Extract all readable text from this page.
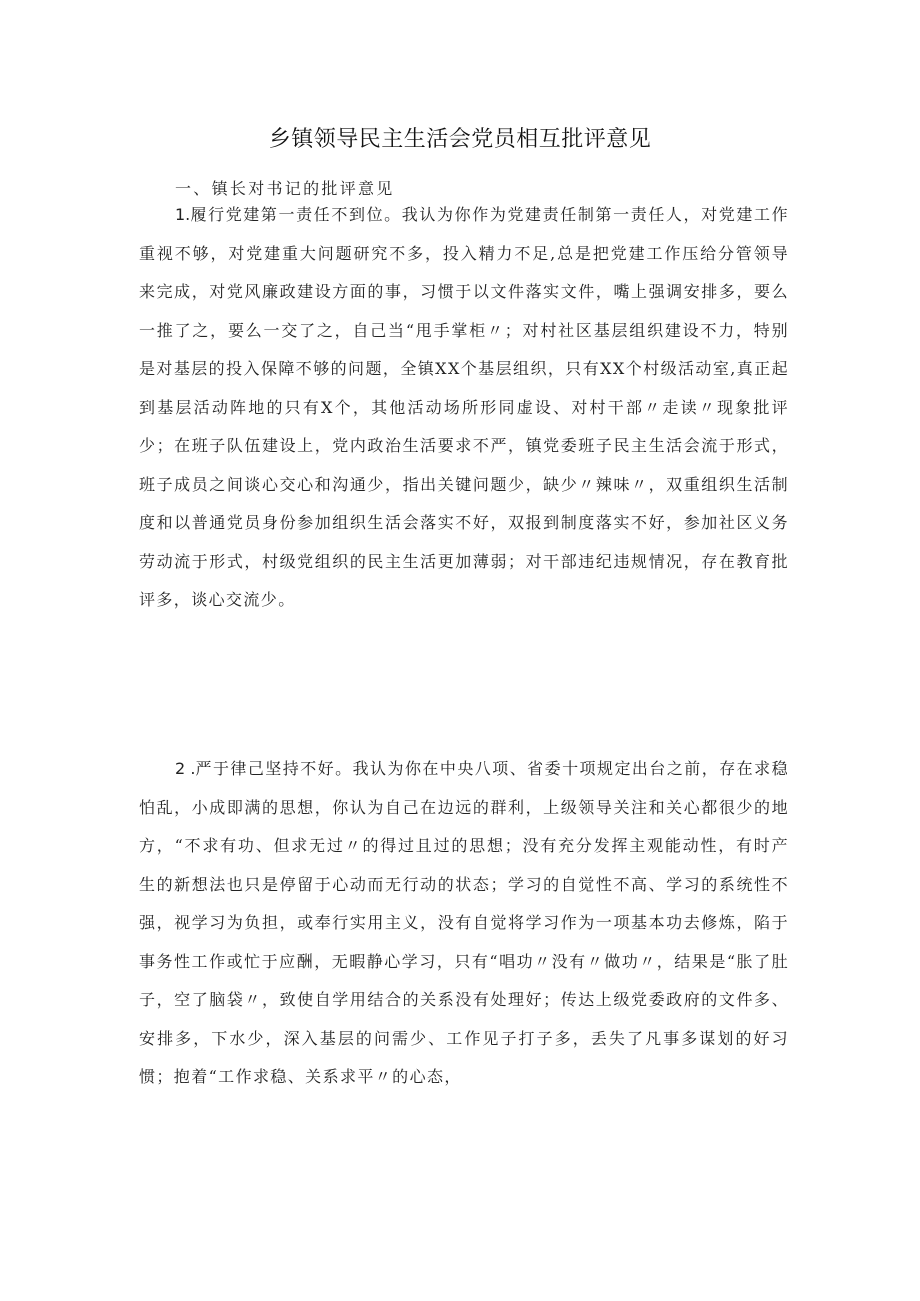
乡镇领导民主生活会党员相互批评意见
一、镇长对书记的批评意见

1.履行党建第一责任不到位。我认为你作为党建责任制第一责任人，对党建工作重视不够，对党建重大问题研究不多，投入精力不足,总是把党建工作压给分管领导来完成，对党风廉政建设方面的事，习惯于以文件落实文件，嘴上强调安排多，要么一推了之，要么一交了之，自己当“甩手掌柜〃；对村社区基层组织建设不力，特别是对基层的投入保障不够的问题，全镇XX个基层组织，只有XX个村级活动室,真正起到基层活动阵地的只有X个，其他活动场所形同虚设、对村干部〃走读〃现象批评少；在班子队伍建设上，党内政治生活要求不严，镇党委班子民主生活会流于形式，班子成员之间谈心交心和沟通少，指出关键问题少，缺少〃辣味〃，双重组织生活制度和以普通党员身份参加组织生活会落实不好，双报到制度落实不好，参加社区义务劳动流于形式，村级党组织的民主生活更加薄弱；对干部违纪违规情况，存在教育批评多，谈心交流少。

2 .严于律己坚持不好。我认为你在中央八项、省委十项规定出台之前，存在求稳怕乱，小成即满的思想，你认为自己在边远的群利，上级领导关注和关心都很少的地方，“不求有功、但求无过〃的得过且过的思想；没有充分发挥主观能动性，有时产生的新想法也只是停留于心动而无行动的状态；学习的自觉性不高、学习的系统性不强，视学习为负担，或奉行实用主义，没有自觉将学习作为一项基本功去修炼，陷于事务性工作或忙于应酬，无暇静心学习，只有“唱功〃没有〃做功〃，结果是“胀了肚子，空了脑袋〃，致使自学用结合的关系没有处理好；传达上级党委政府的文件多、安排多，下水少，深入基层的问需少、工作见子打子多，丢失了凡事多谋划的好习惯；抱着“工作求稳、关系求平〃的心态，
